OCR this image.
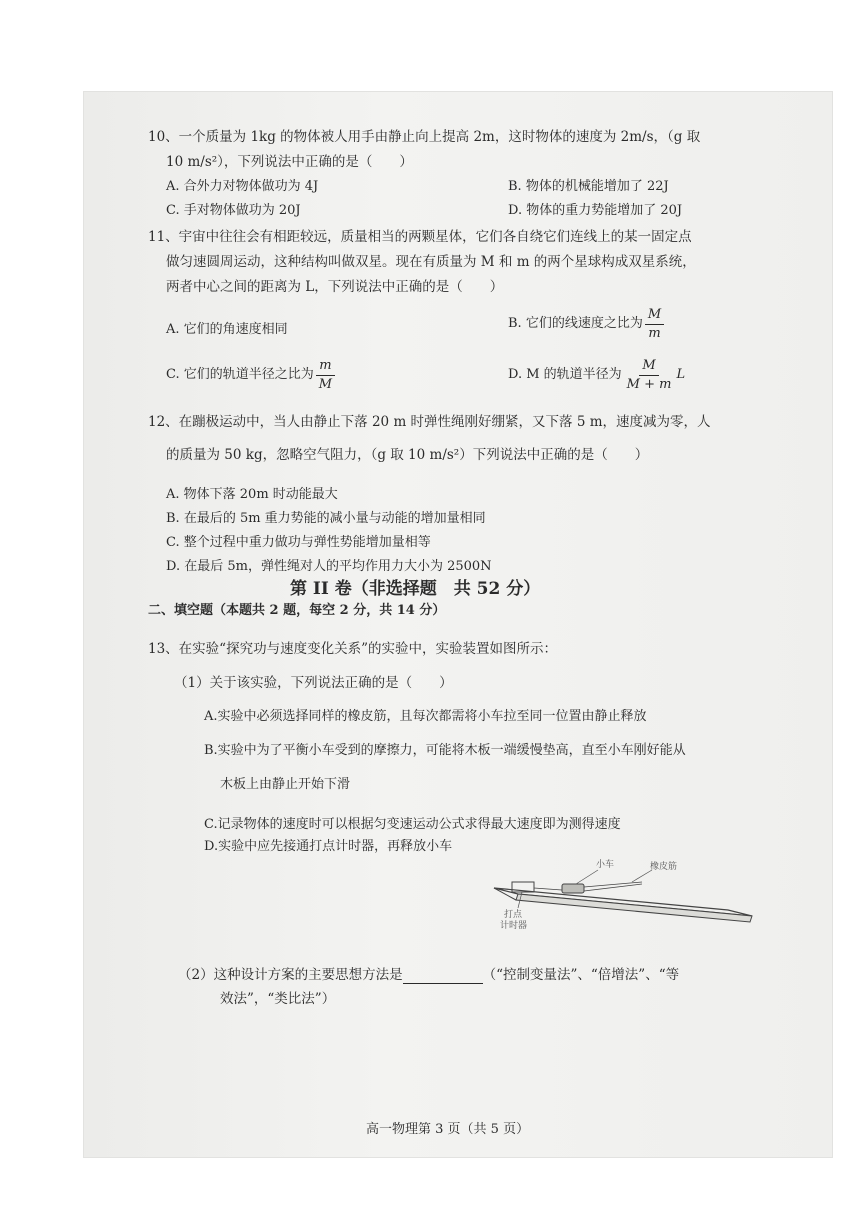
10、一个质量为 1kg 的物体被人用手由静止向上提高 2m，这时物体的速度为 2m/s，（g 取
10 m/s²），下列说法中正确的是（　　）
A. 合外力对物体做功为 4J	B. 物体的机械能增加了 22J
C. 手对物体做功为 20J	D. 物体的重力势能增加了 20J
11、宇宙中往往会有相距较远，质量相当的两颗星体，它们各自绕它们连线上的某一固定点
做匀速圆周运动，这种结构叫做双星。现在有质量为 M 和 m 的两个星球构成双星系统，
两者中心之间的距离为 L，下列说法中正确的是（　　）
A. 它们的角速度相同	B. 它们的线速度之比为 $\frac{M}{m}$
C. 它们的轨道半径之比为 $\frac{m}{M}$	D. M 的轨道半径为 $\frac{M}{M + m}$ L
12、在蹦极运动中，当人由静止下落 20 m 时弹性绳刚好绷紧，又下落 5 m，速度减为零，人
的质量为 50 kg，忽略空气阻力，（g 取 10 m/s²）下列说法中正确的是（　　）
A. 物体下落 20m 时动能最大
B. 在最后的 5m 重力势能的减小量与动能的增加量相同
C. 整个过程中重力做功与弹性势能增加量相等
D. 在最后 5m，弹性绳对人的平均作用力大小为 2500N
第 II 卷（非选择题　共 52 分）
二、填空题（本题共 2 题，每空 2 分，共 14 分）
13、在实验“探究功与速度变化关系”的实验中，实验装置如图所示：
（1）关于该实验，下列说法正确的是（　　）
A.实验中必须选择同样的橡皮筋，且每次都需将小车拉至同一位置由静止释放
B.实验中为了平衡小车受到的摩擦力，可能将木板一端缓慢垫高，直至小车刚好能从
木板上由静止开始下滑
C.记录物体的速度时可以根据匀变速运动公式求得最大速度即为测得速度
D.实验中应先接通打点计时器，再释放小车
小车	橡皮筋
打点
计时器
（2）这种设计方案的主要思想方法是	（“控制变量法”、“倍增法”、“等
效法”，“类比法”）
高一物理第 3 页（共 5 页）
